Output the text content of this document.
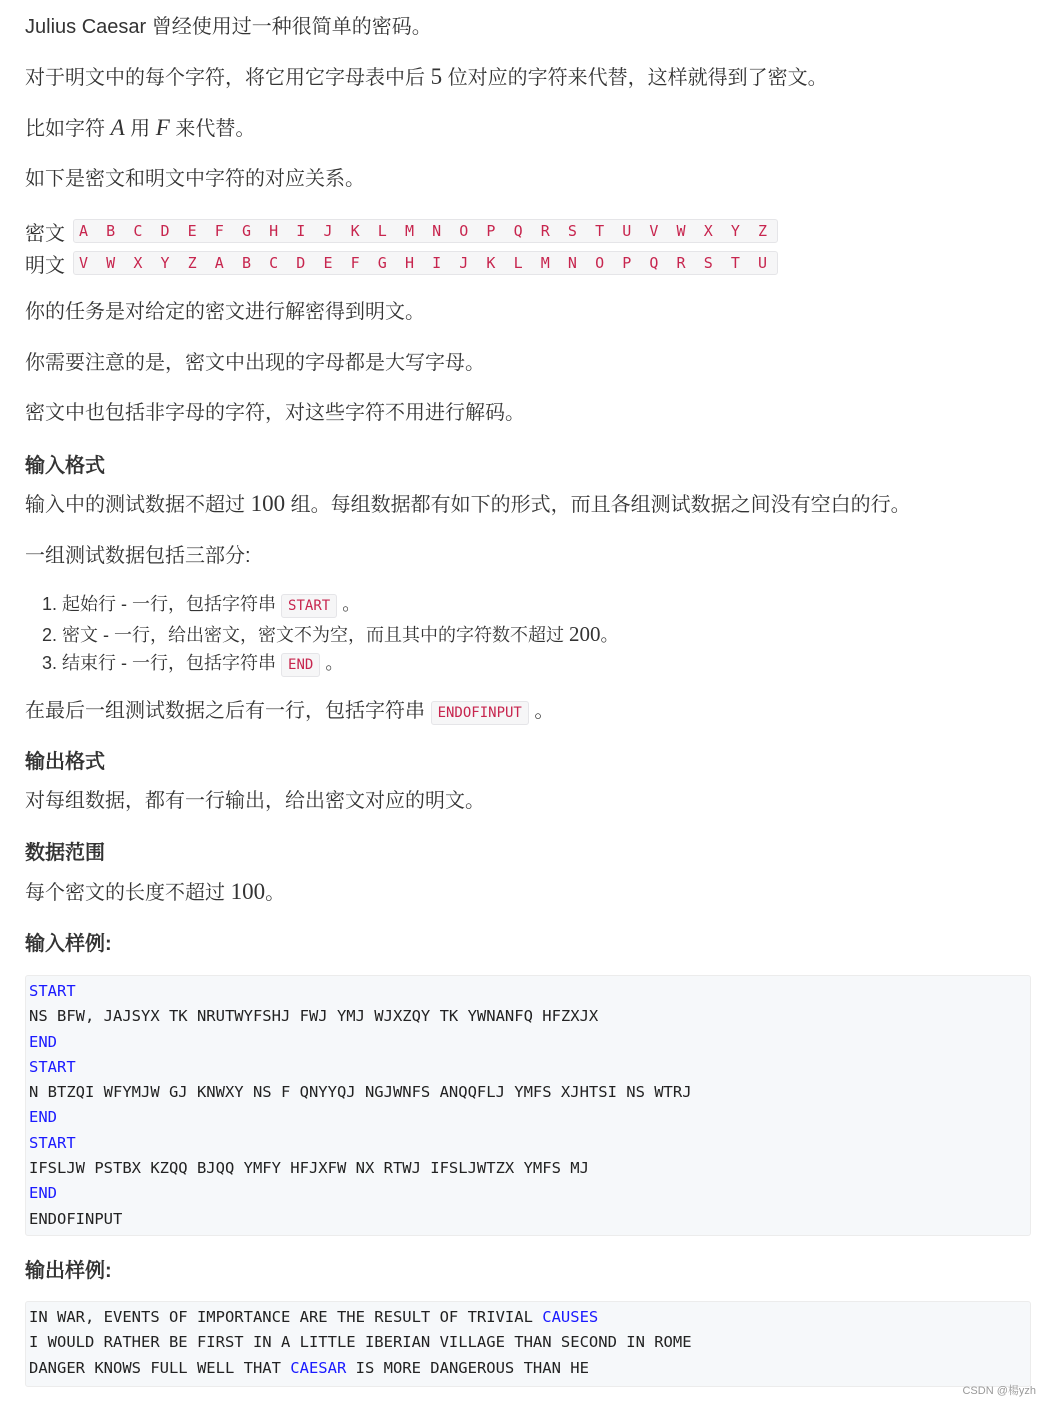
Julius Caesar 曾经使用过一种很简单的密码。

对于明文中的每个字符，将它用它字母表中后 5 位对应的字符来代替，这样就得到了密文。

比如字符 A 用 F 来代替。

如下是密文和明文中字符的对应关系。

密文 A B C D E F G H I J K L M N O P Q R S T U V W X Y Z
明文 V W X Y Z A B C D E F G H I J K L M N O P Q R S T U

你的任务是对给定的密文进行解密得到明文。

你需要注意的是，密文中出现的字母都是大写字母。

密文中也包括非字母的字符，对这些字符不用进行解码。

输入格式

输入中的测试数据不超过 100 组。每组数据都有如下的形式，而且各组测试数据之间没有空白的行。

一组测试数据包括三部分:

1. 起始行 - 一行，包括字符串 START 。
2. 密文 - 一行，给出密文，密文不为空，而且其中的字符数不超过 200。
3. 结束行 - 一行，包括字符串 END 。

在最后一组测试数据之后有一行，包括字符串 ENDOFINPUT 。

输出格式

对每组数据，都有一行输出，给出密文对应的明文。

数据范围

每个密文的长度不超过 100。

输入样例:
START
NS BFW, JAJSYX TK NRUTWYFSHJ FWJ YMJ WJXZQY TK YWNANFQ HFZXJX
END
START
N BTZQI WFYMJW GJ KNWXY NS F QNYYQJ NGJWNFS ANQQFLJ YMFS XJHTSI NS WTRJ
END
START
IFSLJW PSTBX KZQQ BJQQ YMFY HFJXFW NX RTWJ IFSLJWTZX YMFS MJ
END
ENDOFINPUT
输出样例:
IN WAR, EVENTS OF IMPORTANCE ARE THE RESULT OF TRIVIAL CAUSES
I WOULD RATHER BE FIRST IN A LITTLE IBERIAN VILLAGE THAN SECOND IN ROME
DANGER KNOWS FULL WELL THAT CAESAR IS MORE DANGEROUS THAN HE
CSDN @楊yzh
